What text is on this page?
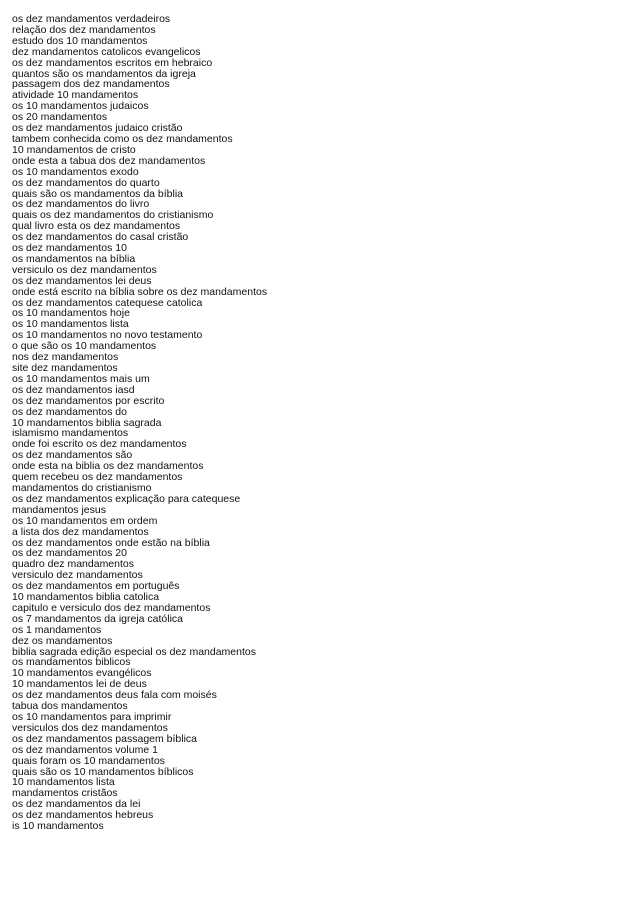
os dez mandamentos verdadeiros
relação dos dez mandamentos
estudo dos 10 mandamentos
dez mandamentos catolicos evangelicos
os dez mandamentos escritos em hebraico
quantos são os mandamentos da igreja
passagem dos dez mandamentos
atividade 10 mandamentos
os 10 mandamentos judaicos
os 20 mandamentos
os dez mandamentos judaico cristão
tambem conhecida como os dez mandamentos
10 mandamentos de cristo
onde esta a tabua dos dez mandamentos
os 10 mandamentos exodo
os dez mandamentos do quarto
quais são os mandamentos da bíblia
os dez mandamentos do livro
quais os dez mandamentos do cristianismo
qual livro esta os dez mandamentos
os dez mandamentos do casal cristão
os dez mandamentos 10
os mandamentos na bíblia
versiculo os dez mandamentos
os dez mandamentos lei deus
onde está escrito na bíblia sobre os dez mandamentos
os dez mandamentos catequese catolica
os 10 mandamentos hoje
os 10 mandamentos lista
os 10 mandamentos no novo testamento
o que são os 10 mandamentos
nos dez mandamentos
site dez mandamentos
os 10 mandamentos mais um
os dez mandamentos iasd
os dez mandamentos por escrito
os dez mandamentos do
10 mandamentos biblia sagrada
islamismo mandamentos
onde foi escrito os dez mandamentos
os dez mandamentos são
onde esta na biblia os dez mandamentos
quem recebeu os dez mandamentos
mandamentos do cristianismo
os dez mandamentos explicação para catequese
mandamentos jesus
os 10 mandamentos em ordem
a lista dos dez mandamentos
os dez mandamentos onde estão na bíblia
os dez mandamentos 20
quadro dez mandamentos
versiculo dez mandamentos
os dez mandamentos em português
10 mandamentos biblia catolica
capitulo e versiculo dos dez mandamentos
os 7 mandamentos da igreja católica
os 1 mandamentos
dez os mandamentos
biblia sagrada edição especial os dez mandamentos
os mandamentos biblicos
10 mandamentos evangélicos
10 mandamentos lei de deus
os dez mandamentos deus fala com moisés
tabua dos mandamentos
os 10 mandamentos para imprimir
versiculos dos dez mandamentos
os dez mandamentos passagem bíblica
os dez mandamentos volume 1
quais foram os 10 mandamentos
quais são os 10 mandamentos bíblicos
10 mandamentos lista
mandamentos cristãos
os dez mandamentos da lei
os dez mandamentos hebreus
is 10 mandamentos
